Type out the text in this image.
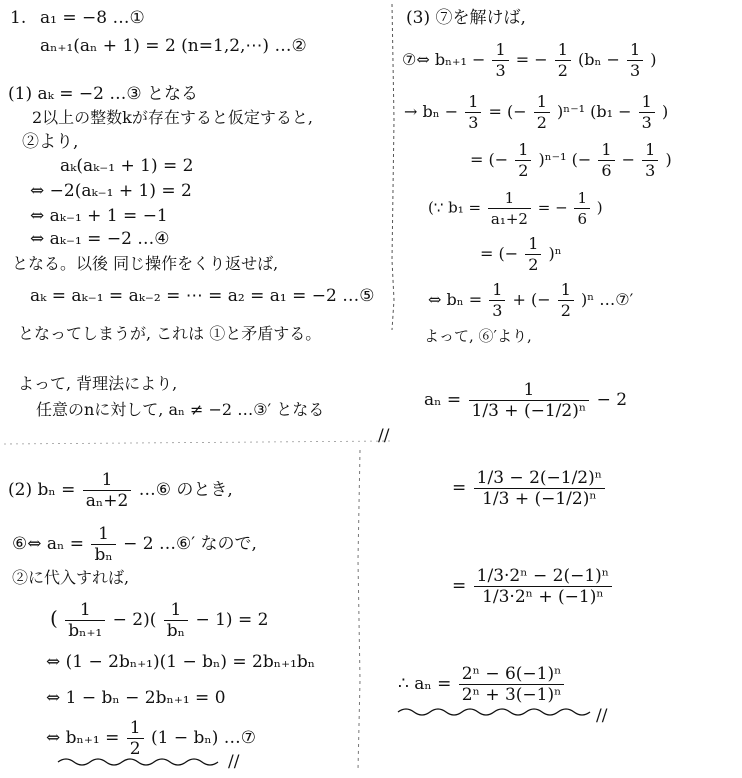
1. a₁ = −8 …①
aₙ₊₁(aₙ + 1) = 2 (n=1,2,⋯) …②
(1) aₖ = −2 …③ となる
2以上の整数kが存在すると仮定すると,
②より,
aₖ(aₖ₋₁ + 1) = 2
⇔ −2(aₖ₋₁ + 1) = 2
⇔ aₖ₋₁ + 1 = −1
⇔ aₖ₋₁ = −2 …④
となる。以後 同じ操作をくり返せば,
aₖ = aₖ₋₁ = aₖ₋₂ = ⋯ = a₂ = a₁ = −2 …⑤
となってしまうが, これは ①と矛盾する。
よって, 背理法により,
任意のnに対して, aₙ ≠ −2 …③′ となる
//
(2) $b_n = \frac{1}{\text{aₙ+2}}$ …⑥ のとき,
⑥⇔ $a_n = \frac{1}{\text{bₙ}} - 2$ …⑥′ なので,
②に代入すれば,
( $\frac{1}{\text{bₙ₊₁}} - 2)( \frac{1}{\text{bₙ}} - 1) = 2$
⇔ (1 − 2bₙ₊₁)(1 − bₙ) = 2bₙ₊₁bₙ
⇔ 1 − bₙ − 2bₙ₊₁ = 0
⇔ $b_{n+1} = \frac{1}{2} (1 - b_n)$ …⑦
//
(3) ⑦を解けば,
⑦⇔ $b_{n+1} - \frac{1}{3}$ = − $\frac{1}{2} (b_n - \frac{1}{3}$ )
→ $b_n - \frac{1}{3}$ = (− $\frac{1}{2} )^{n-1}$ ($b_1 - \frac{1}{3}$ )
= (− $\frac{1}{2} )^{n-1}$ (− $\frac{1}{6} - \frac{1}{3}$ )
(∵ $b_1 = \frac{1}{\text{a₁+2}}$ = − $\frac{1}{6}$ )
= (− $\frac{1}{2} )^n$
⇔ $b_n = \frac{1}{3}$ + (− $\frac{1}{2} )^n$ …⑦′
よって, ⑥′より,
$a_n = \frac{1}{\text{1/3 + (−1/2)ⁿ}} - 2$
= $\frac{\text{1/3 − 2(−1/2)ⁿ}}{\text{1/3 + (−1/2)ⁿ}}$
= $\frac{\text{1/3·2ⁿ − 2(−1)ⁿ}}{\text{1/3·2ⁿ + (−1)ⁿ}}$
∴ $a_n = \frac{\text{2ⁿ − 6(−1)ⁿ}}{\text{2ⁿ + 3(−1)ⁿ}}$
//
